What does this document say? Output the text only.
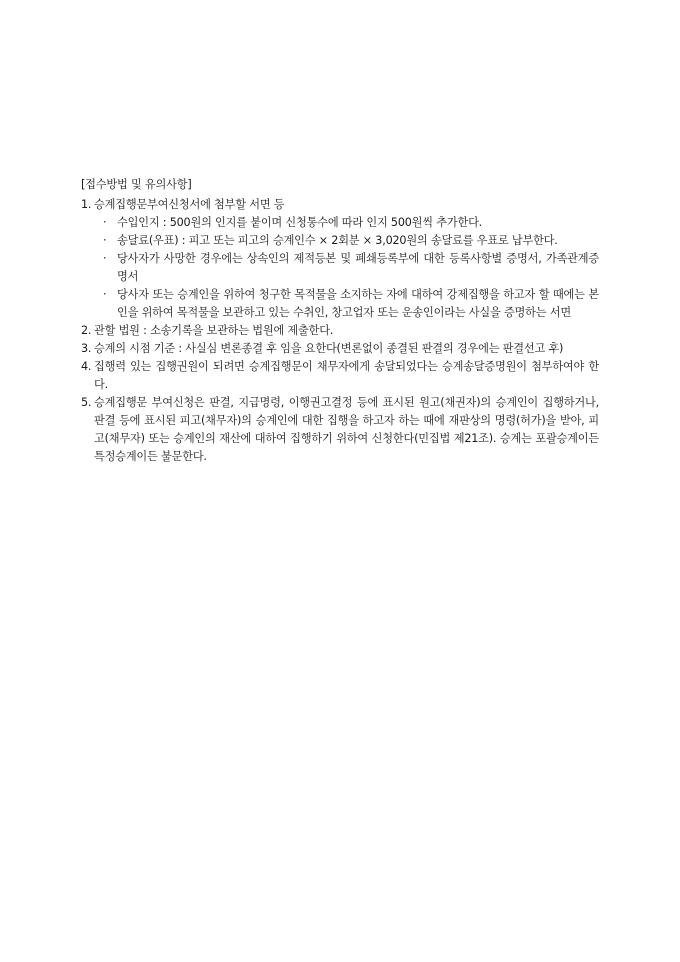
[접수방법 및 유의사항]
1. 승계집행문부여신청서에 첨부할 서면 등
· 수입인지 : 500원의 인지를 붙이며 신청통수에 따라 인지 500원씩 추가한다.
· 송달료(우표) : 피고 또는 피고의 승계인수 × 2회분 × 3,020원의 송달료를 우표로 납부한다.
· 당사자가 사망한 경우에는 상속인의 제적등본 및 폐쇄등록부에 대한 등록사항별 증명서, 가족관계증명서
· 당사자 또는 승계인을 위하여 청구한 목적물을 소지하는 자에 대하여 강제집행을 하고자 할 때에는 본인을 위하여 목적물을 보관하고 있는 수취인, 창고업자 또는 운송인이라는 사실을 증명하는 서면
2. 관할 법원 : 소송기록을 보관하는 법원에 제출한다.
3. 승계의 시점 기준 : 사실심 변론종결 후 임을 요한다(변론없이 종결된 판결의 경우에는 판결선고 후)
4. 집행력 있는 집행권원이 되려면 승계집행문이 채무자에게 송달되었다는 승계송달증명원이 첨부하여야 한다.
5. 승계집행문 부여신청은 판결, 지급명령, 이행권고결정 등에 표시된 원고(채권자)의 승계인이 집행하거나, 판결 등에 표시된 피고(채무자)의 승계인에 대한 집행을 하고자 하는 때에 재판상의 명령(허가)을 받아, 피고(채무자) 또는 승계인의 재산에 대하여 집행하기 위하여 신청한다(민집법 제21조). 승계는 포괄승계이든 특정승계이든 불문한다.
